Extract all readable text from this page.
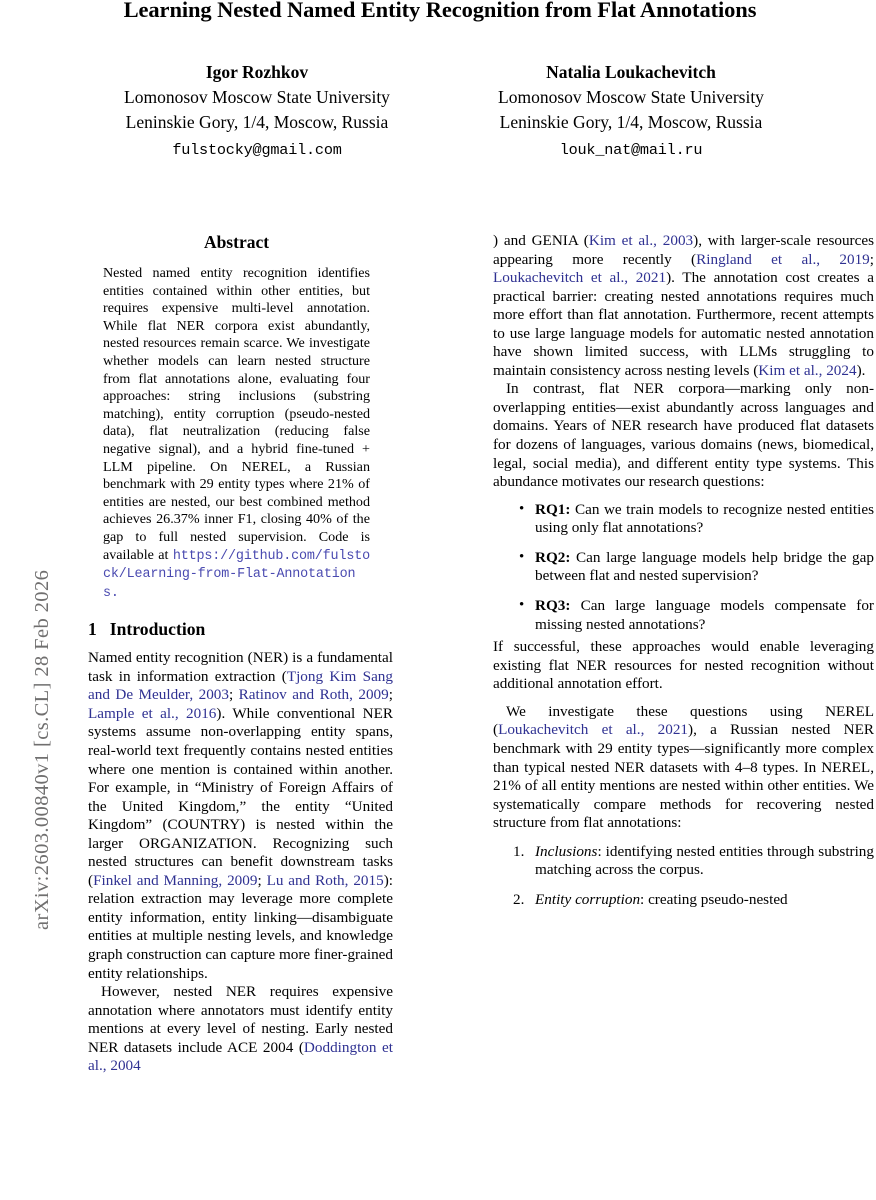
arXiv:2603.00840v1 [cs.CL] 28 Feb 2026
Learning Nested Named Entity Recognition from Flat Annotations
Igor Rozhkov
Lomonosov Moscow State University
Leninskie Gory, 1/4, Moscow, Russia
fulstocky@gmail.com
Natalia Loukachevitch
Lomonosov Moscow State University
Leninskie Gory, 1/4, Moscow, Russia
louk_nat@mail.ru
Abstract

Nested named entity recognition identifies entities contained within other entities, but requires expensive multi-level annotation. While flat NER corpora exist abundantly, nested resources remain scarce. We investigate whether models can learn nested structure from flat annotations alone, evaluating four approaches: string inclusions (substring matching), entity corruption (pseudo-nested data), flat neutralization (reducing false negative signal), and a hybrid fine-tuned + LLM pipeline. On NEREL, a Russian benchmark with 29 entity types where 21% of entities are nested, our best combined method achieves 26.37% inner F1, closing 40% of the gap to full nested supervision. Code is available at https://github.com/fulstock/Learning-from-Flat-Annotations.

1 Introduction

Named entity recognition (NER) is a fundamental task in information extraction (Tjong Kim Sang and De Meulder, 2003; Ratinov and Roth, 2009; Lample et al., 2016). While conventional NER systems assume non-overlapping entity spans, real-world text frequently contains nested entities where one mention is contained within another. For example, in “Ministry of Foreign Affairs of the United Kingdom,” the entity “United Kingdom” (COUNTRY) is nested within the larger ORGANIZATION. Recognizing such nested structures can benefit downstream tasks (Finkel and Manning, 2009; Lu and Roth, 2015): relation extraction may leverage more complete entity information, entity linking—disambiguate entities at multiple nesting levels, and knowledge graph construction can capture more finer-grained entity relationships.

However, nested NER requires expensive annotation where annotators must identify entity mentions at every level of nesting. Early nested NER datasets include ACE 2004 (Doddington et al., 2004

) and GENIA (Kim et al., 2003), with larger-scale resources appearing more recently (Ringland et al., 2019; Loukachevitch et al., 2021). The annotation cost creates a practical barrier: creating nested annotations requires much more effort than flat annotation. Furthermore, recent attempts to use large language models for automatic nested annotation have shown limited success, with LLMs struggling to maintain consistency across nesting levels (Kim et al., 2024).

In contrast, flat NER corpora—marking only non-overlapping entities—exist abundantly across languages and domains. Years of NER research have produced flat datasets for dozens of languages, various domains (news, biomedical, legal, social media), and different entity type systems. This abundance motivates our research questions:

• RQ1: Can we train models to recognize nested entities using only flat annotations?
• RQ2: Can large language models help bridge the gap between flat and nested supervision?
• RQ3: Can large language models compensate for missing nested annotations?

If successful, these approaches would enable leveraging existing flat NER resources for nested recognition without additional annotation effort.

We investigate these questions using NEREL (Loukachevitch et al., 2021), a Russian nested NER benchmark with 29 entity types—significantly more complex than typical nested NER datasets with 4–8 types. In NEREL, 21% of all entity mentions are nested within other entities. We systematically compare methods for recovering nested structure from flat annotations:

Inclusions: identifying nested entities through substring matching across the corpus.
Entity corruption: creating pseudo-nested
